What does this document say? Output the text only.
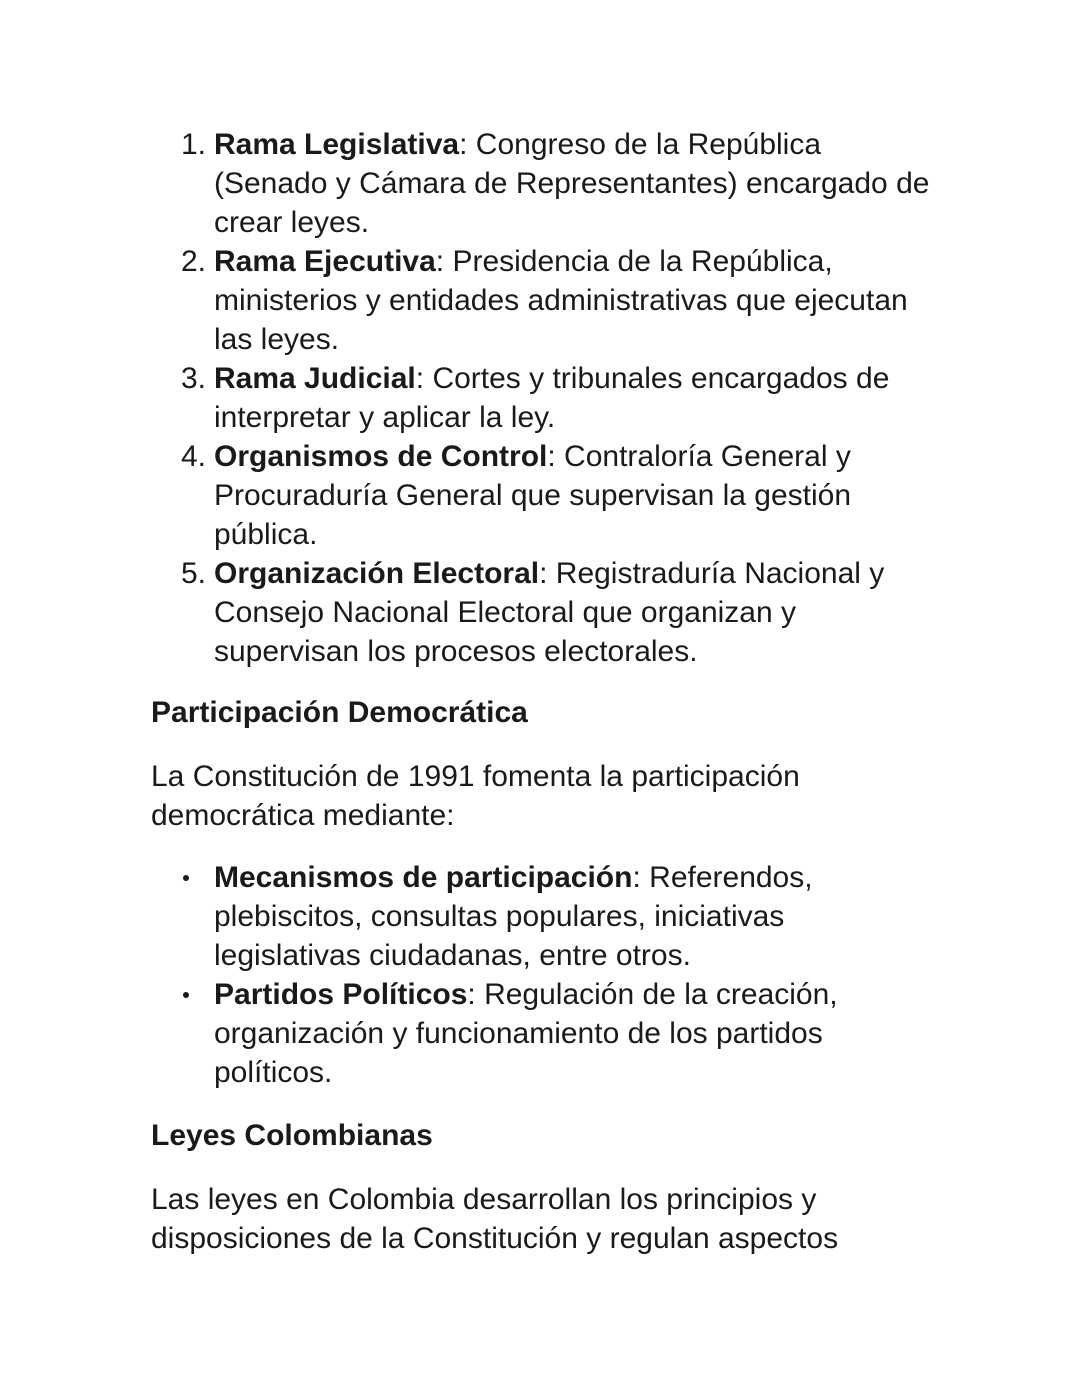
1. Rama Legislativa: Congreso de la República (Senado y Cámara de Representantes) encargado de crear leyes.
2. Rama Ejecutiva: Presidencia de la República, ministerios y entidades administrativas que ejecutan las leyes.
3. Rama Judicial: Cortes y tribunales encargados de interpretar y aplicar la ley.
4. Organismos de Control: Contraloría General y Procuraduría General que supervisan la gestión pública.
5. Organización Electoral: Registraduría Nacional y Consejo Nacional Electoral que organizan y supervisan los procesos electorales.
Participación Democrática

La Constitución de 1991 fomenta la participación democrática mediante:

Mecanismos de participación: Referendos, plebiscitos, consultas populares, iniciativas legislativas ciudadanas, entre otros.
Partidos Políticos: Regulación de la creación, organización y funcionamiento de los partidos políticos.
Leyes Colombianas

Las leyes en Colombia desarrollan los principios y disposiciones de la Constitución y regulan aspectos
